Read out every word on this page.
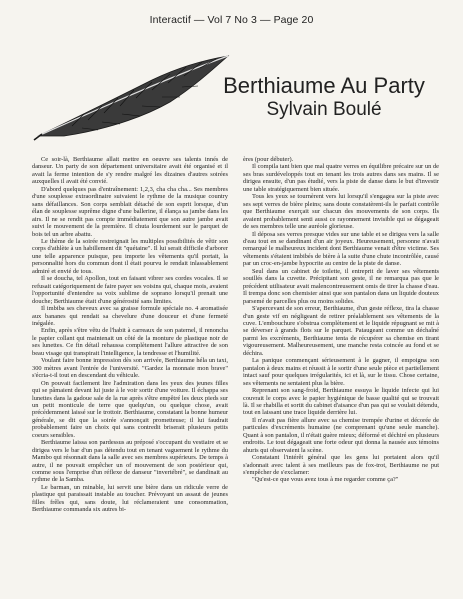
Interactif — Vol 7 No 3 — Page 20
Berthiaume Au Party
Sylvain Boulé

Ce soir-là, Berthiaume allait mettre en oeuvre ses talents innés de danseur. Un party de son département universitaire avait été organisé et il avait la ferme intention de s'y rendre malgré les dizaines d'autres soirées auxquelles il avait été convié.

D'abord quelques pas d'entraînement: 1,2,3, cha cha cha... Ses membres d'une souplesse extraordinaire suivaient le rythme de la musique country sans défaillances. Son corps semblait détaché de son esprit lorsque, d'un élan de souplesse suprême digne d'une ballerine, il élança sa jambe dans les airs. Il ne se rendit pas compte immédiatement que son autre jambe avait suivi le mouvement de la première. Il chuta lourdement sur le parquet de bois tel un arbre abattu.

Le thème de la soirée restreignait les multiples possibilités de vêtir son corps d'athlète à un habillement dit "quétaine". Il lui serait difficile d'arborer une telle apparence puisque, peu importe les vêtements qu'il portait, la personnalité hors du commun dont il était pourvu le rendait inlassablement admiré et envié de tous.

Il se doucha, tel Apollon, tout en faisant vibrer ses cordes vocales. Il se refusait catégoriquement de faire payer ses voisins qui, chaque mois, avaient l'opportunité d'entendre sa voix sublime de soprano lorsqu'il prenait une douche; Berthiaume était d'une générosité sans limites.

Il imbiba ses cheveux avec sa graisse formule spéciale no. 4 aromatisée aux bananes qui rendait sa chevelure d'une douceur et d'une fermeté inégalée.

Enfin, après s'être vêtu de l'habit à carreaux de son paternel, il renoncha le papier collant qui maintenait un côté de la monture de plastique noir de ses lunettes. Ce fin détail rehaussa complètement l'allure attractive de son beau visage qui transpirait l'intelligence, la tendresse et l'humilité.

Voulant faire bonne impression dès son arrivée, Berthiaume héla un taxi, 300 mètres avant l'entrée de l'université. "Gardez la monnaie mon brave" s'écria-t-il tout en descendant du véhicule.

On pouvait facilement lire l'admiration dans les yeux des jeunes filles qui se pâmaient devant lui juste à le voir sortir d'une voiture. Il échappa ses lunettes dans la gadoue sale de la rue après s'être empêtré les deux pieds sur un petit monticule de terre que quelqu'un, ou quelque chose, avait précédemment laissé sur le trottoir. Berthiaume, constatant la bonne humeur générale, se dit que la soirée s'annonçait prometteuse; il lui faudrait probablement faire un choix qui sans contredit briserait plusieurs petits coeurs sensibles.

Berthiaume laissa son pardessus au préposé s'occupant du vestiaire et se dirigea vers le bar d'un pas détendu tout en tenant vaguement le rythme du Mambo qui résonnait dans la salle avec ses membres supérieurs. De temps à autre, il ne pouvait empêcher un of mouvement de son postérieur qui, comme sous l'emprise d'un réflexe de danseur "invertébré", se dandinait au rythme de la Samba.

Le barman, un minable, lui servit une bière dans un ridicule verre de plastique qui paraissait instable au toucher. Prévoyant un assaut de jeunes filles frêles qui, sans doute, lui réclameraient une consommation, Berthiaume commanda six autres bi-

ères (pour débuter).

Il compila tant bien que mal quatre verres en équilibre précaire sur un de ses bras surdéveloppés tout en tenant les trois autres dans ses mains. Il se dirigea ensuite, d'un pas étudié, vers la piste de danse dans le but d'investir une table stratégiquement bien située.

Tous les yeux se tournèrent vers lui lorsqu'il s'engagea sur la piste avec ses sept verres de bière pleins; sans doute constatèrent-ils le parfait contrôle que Berthiaume exerçait sur chacun des mouvements de son corps. Ils avaient probablement senti aussi ce rayonnement invisible qui se dégageait de ses membres telle une auréole glorieuse.

Il déposa ses verres presque vides sur une table et se dirigea vers la salle d'eau tout en se dandinant d'un air joyeux. Heureusement, personne n'avait remarqué le malheureux incident dont Berthiaume venait d'être victime. Ses vêtements s'étaient imbibés de bière à la suite d'une chute incontrôlée, causé par un croc-en-jambe hypocrite au centre de la piste de danse.

Seul dans un cabinet de toilette, il entreprit de laver ses vêtements souillés dans la cuvette. Précipitant son geste, il ne remarqua pas que le précédent utilisateur avait malencontreusement omis de tirer la chasse d'eau. Il trempa donc son chemisier ainsi que son pantalon dans un liquide douteux parsemé de parcelles plus ou moins solides.

S'apercevant de son erreur, Berthiaume, d'un geste réflexe, tira la chasse d'un geste vif en négligeant de retirer préalablement ses vêtements de la cuve. L'embouchure s'obstrua complètement et le liquide répugnant se mit à se déverser à grands flots sur le parquet. Pataugeant comme un déchaîné parmi les excréments, Berthiaume tenta de récupérer sa chemise en tirant vigoureusement. Malheureusement, une manche resta coincée au fond et se déchira.

La panique commençant sérieusement à le gagner, il empoigna son pantalon à deux mains et réussit à le sortir d'une seule pièce et partiellement intact sauf pour quelques irrégularités, ici et là, sur le tissu. Chose certaine, ses vêtements ne sentaient plus la bière.

Reprenant son sang-froid, Berthiaume essuya le liquide infecte qui lui couvrait le corps avec le papier hygiénique de basse qualité qui se trouvait là. Il se rhabilla et sortit du cabinet d'aisance d'un pas qui se voulait détendu, tout en laissant une trace liquide derrière lui.

Il n'avait pas fière allure avec sa chemise trempée d'urine et décorée de particules d'excréments humaine (ne comprenant qu'une seule manche). Quant à son pantalon, il n'était guère mieux; déformé et déchiré en plusieurs endroits. Le tout dégageait une forte odeur qui donna la nausée aux témoins ahuris qui observaient la scène.

Constatant l'intérêt général que les gens lui portaient alors qu'il s'adonnait avec talent à ses meilleurs pas de fox-trot, Berthiaume ne put s'empêcher de s'exclamer:

"Qu'est-ce que vous avez tous à me regarder comme ça?"
